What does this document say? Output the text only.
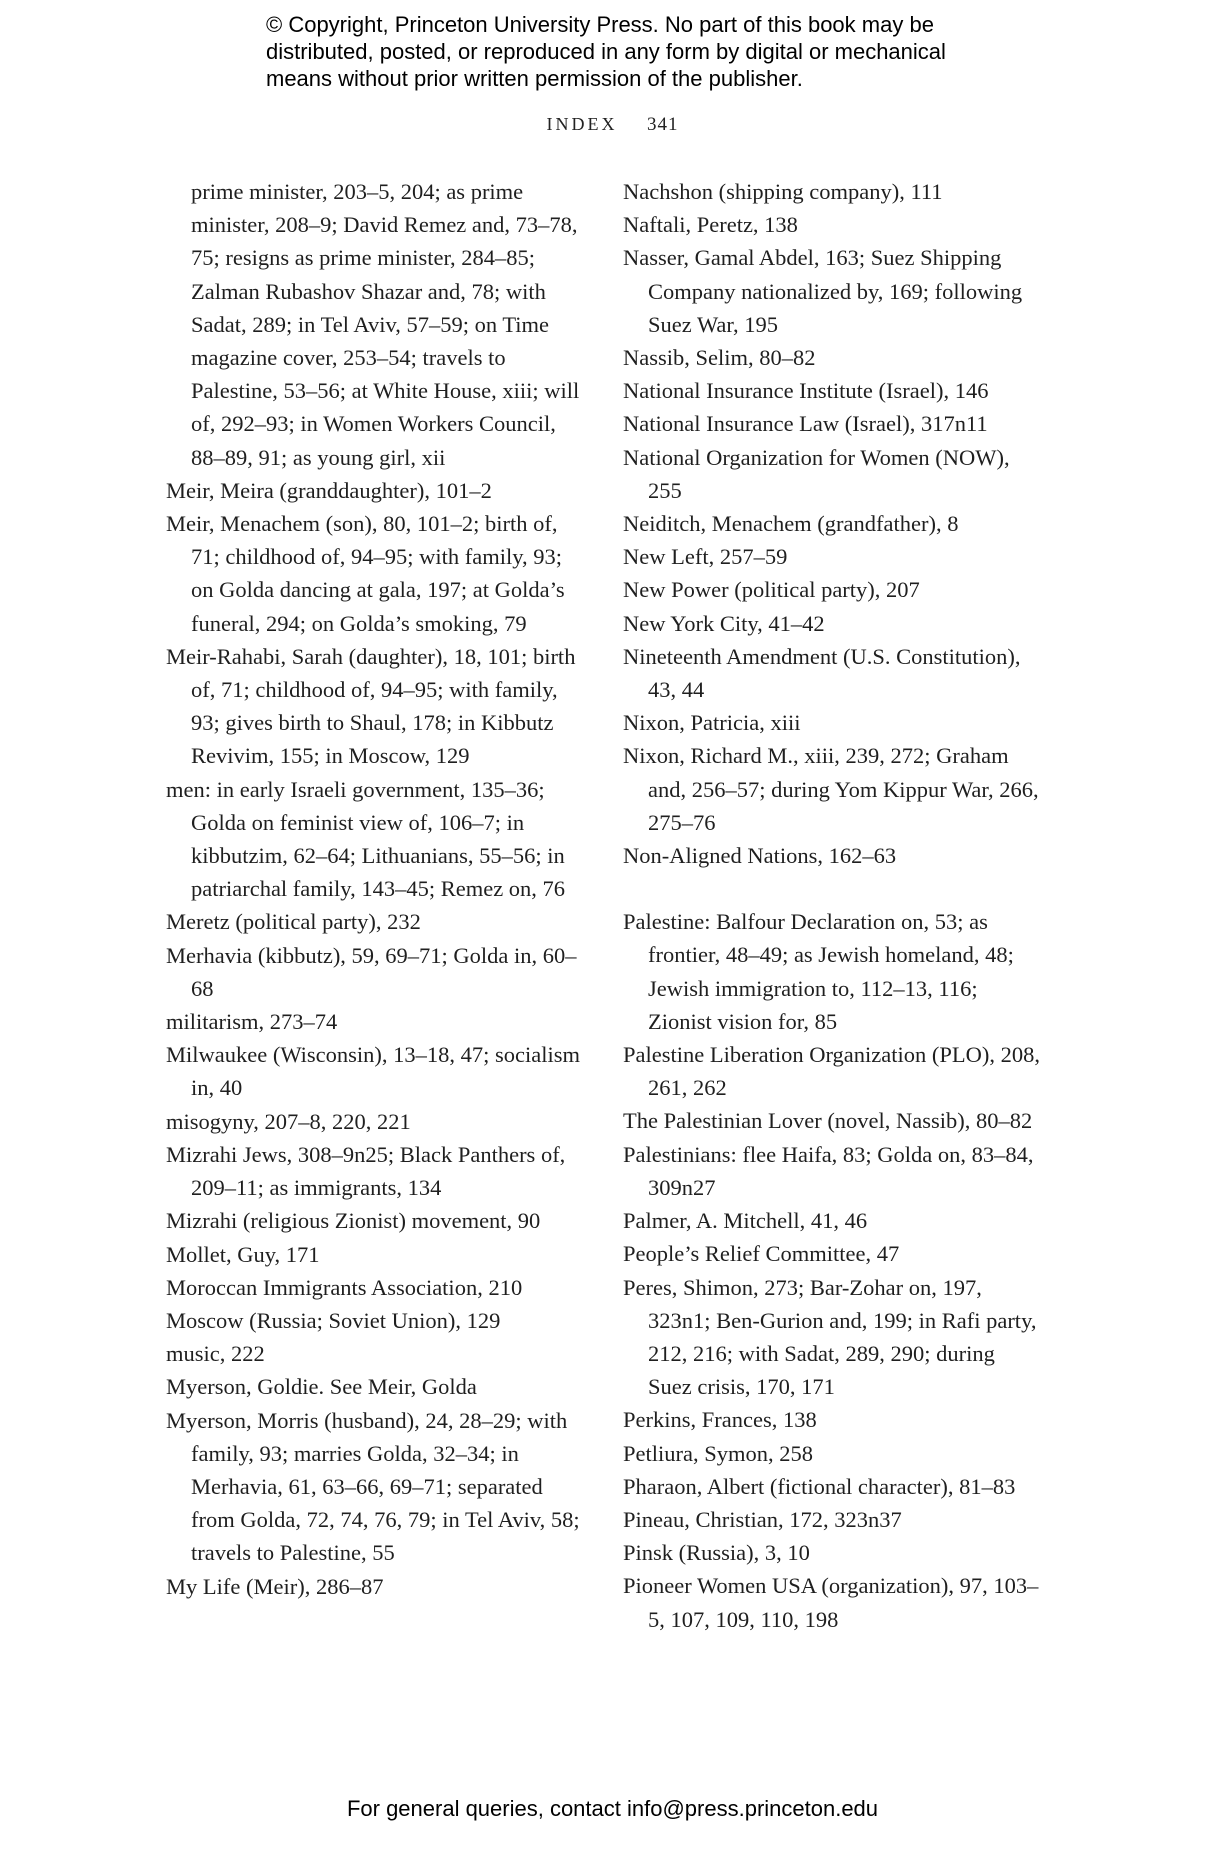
© Copyright, Princeton University Press. No part of this book may be
distributed, posted, or reproduced in any form by digital or mechanical
means without prior written permission of the publisher.
INDEX 341
prime minister, 203–5, 204; as prime minister, 208–9; David Remez and, 73–78, 75; resigns as prime minister, 284–85; Zalman Rubashov Shazar and, 78; with Sadat, 289; in Tel Aviv, 57–59; on Time magazine cover, 253–54; travels to Palestine, 53–56; at White House, xiii; will of, 292–93; in Women Workers Council, 88–89, 91; as young girl, xii
Meir, Meira (granddaughter), 101–2
Meir, Menachem (son), 80, 101–2; birth of, 71; childhood of, 94–95; with family, 93; on Golda dancing at gala, 197; at Golda’s funeral, 294; on Golda’s smoking, 79
Meir-Rahabi, Sarah (daughter), 18, 101; birth of, 71; childhood of, 94–95; with family, 93; gives birth to Shaul, 178; in Kibbutz Revivim, 155; in Moscow, 129
men: in early Israeli government, 135–36; Golda on feminist view of, 106–7; in kibbutzim, 62–64; Lithuanians, 55–56; in patriarchal family, 143–45; Remez on, 76
Meretz (political party), 232
Merhavia (kibbutz), 59, 69–71; Golda in, 60–68
militarism, 273–74
Milwaukee (Wisconsin), 13–18, 47; socialism in, 40
misogyny, 207–8, 220, 221
Mizrahi Jews, 308–9n25; Black Panthers of, 209–11; as immigrants, 134
Mizrahi (religious Zionist) movement, 90
Mollet, Guy, 171
Moroccan Immigrants Association, 210
Moscow (Russia; Soviet Union), 129
music, 222
Myerson, Goldie. See Meir, Golda
Myerson, Morris (husband), 24, 28–29; with family, 93; marries Golda, 32–34; in Merhavia, 61, 63–66, 69–71; separated from Golda, 72, 74, 76, 79; in Tel Aviv, 58; travels to Palestine, 55
My Life (Meir), 286–87
Nachshon (shipping company), 111
Naftali, Peretz, 138
Nasser, Gamal Abdel, 163; Suez Shipping Company nationalized by, 169; following Suez War, 195
Nassib, Selim, 80–82
National Insurance Institute (Israel), 146
National Insurance Law (Israel), 317n11
National Organization for Women (NOW), 255
Neiditch, Menachem (grandfather), 8
New Left, 257–59
New Power (political party), 207
New York City, 41–42
Nineteenth Amendment (U.S. Constitution), 43, 44
Nixon, Patricia, xiii
Nixon, Richard M., xiii, 239, 272; Graham and, 256–57; during Yom Kippur War, 266, 275–76
Non-Aligned Nations, 162–63
Palestine: Balfour Declaration on, 53; as frontier, 48–49; as Jewish homeland, 48; Jewish immigration to, 112–13, 116; Zionist vision for, 85
Palestine Liberation Organization (PLO), 208, 261, 262
The Palestinian Lover (novel, Nassib), 80–82
Palestinians: flee Haifa, 83; Golda on, 83–84, 309n27
Palmer, A. Mitchell, 41, 46
People’s Relief Committee, 47
Peres, Shimon, 273; Bar-Zohar on, 197, 323n1; Ben-Gurion and, 199; in Rafi party, 212, 216; with Sadat, 289, 290; during Suez crisis, 170, 171
Perkins, Frances, 138
Petliura, Symon, 258
Pharaon, Albert (fictional character), 81–83
Pineau, Christian, 172, 323n37
Pinsk (Russia), 3, 10
Pioneer Women USA (organization), 97, 103–5, 107, 109, 110, 198
For general queries, contact info@press.princeton.edu
